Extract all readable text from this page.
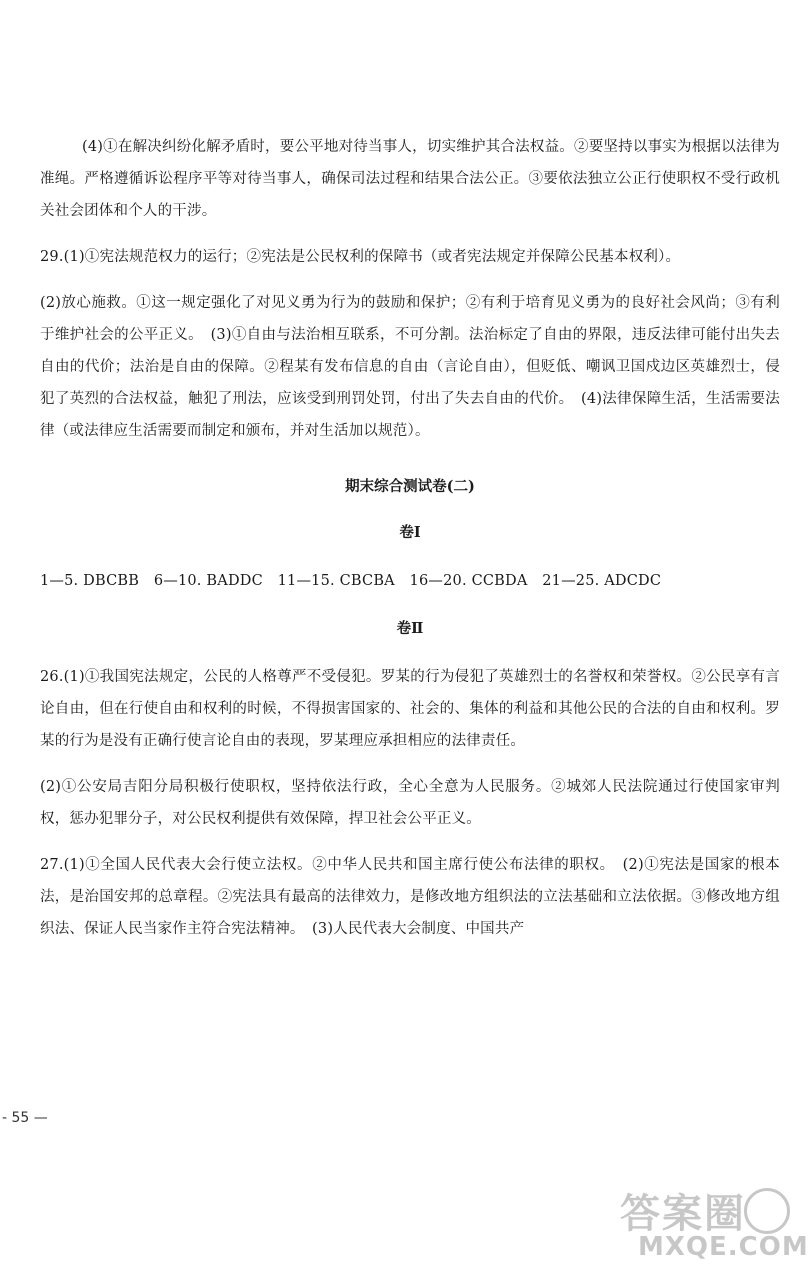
(4)①在解决纠纷化解矛盾时，要公平地对待当事人，切实维护其合法权益。②要坚持以事实为根据以法律为准绳。严格遵循诉讼程序平等对待当事人，确保司法过程和结果合法公正。③要依法独立公正行使职权不受行政机关社会团体和个人的干涉。

29.(1)①宪法规范权力的运行；②宪法是公民权利的保障书（或者宪法规定并保障公民基本权利）。

(2)放心施救。①这一规定强化了对见义勇为行为的鼓励和保护；②有利于培育见义勇为的良好社会风尚；③有利于维护社会的公平正义。　(3)①自由与法治相互联系，不可分割。法治标定了自由的界限，违反法律可能付出失去自由的代价；法治是自由的保障。②程某有发布信息的自由（言论自由），但贬低、嘲讽卫国戍边区英雄烈士，侵犯了英烈的合法权益，触犯了刑法，应该受到刑罚处罚，付出了失去自由的代价。　(4)法律保障生活，生活需要法律（或法律应生活需要而制定和颁布，并对生活加以规范）。

期末综合测试卷(二)
卷Ⅰ

1—5. DBCBB　6—10. BADDC　11—15. CBCBA　16—20. CCBDA　21—25. ADCDC

卷Ⅱ

26.(1)①我国宪法规定，公民的人格尊严不受侵犯。罗某的行为侵犯了英雄烈士的名誉权和荣誉权。②公民享有言论自由，但在行使自由和权利的时候，不得损害国家的、社会的、集体的利益和其他公民的合法的自由和权利。罗某的行为是没有正确行使言论自由的表现，罗某理应承担相应的法律责任。

(2)①公安局吉阳分局积极行使职权，坚持依法行政，全心全意为人民服务。②城郊人民法院通过行使国家审判权，惩办犯罪分子，对公民权利提供有效保障，捍卫社会公平正义。

27.(1)①全国人民代表大会行使立法权。②中华人民共和国主席行使公布法律的职权。　(2)①宪法是国家的根本法，是治国安邦的总章程。②宪法具有最高的法律效力，是修改地方组织法的立法基础和立法依据。③修改地方组织法、保证人民当家作主符合宪法精神。　(3)人民代表大会制度、中国共产

- 55 —
答案圈
MXQE.COM
